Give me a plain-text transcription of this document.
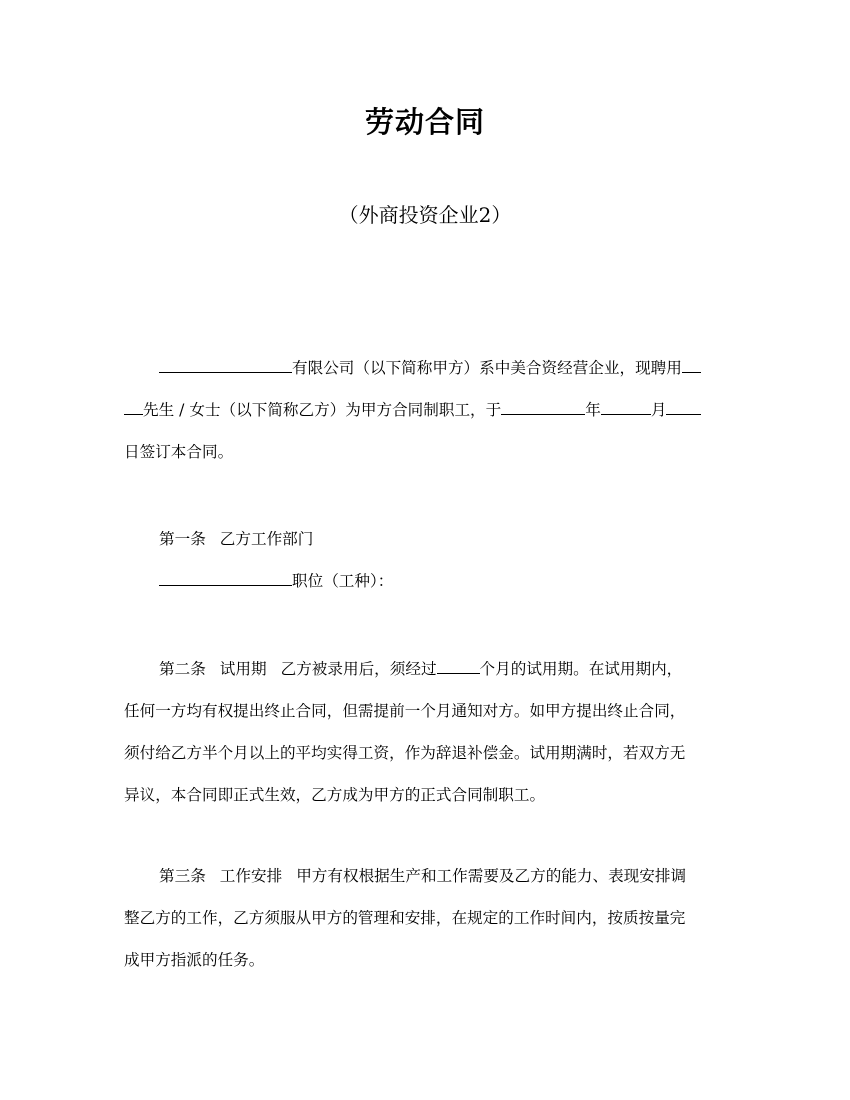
劳动合同
（外商投资企业2）
有限公司（以下简称甲方）系中美合资经营企业，现聘用
先生 / 女士（以下简称乙方）为甲方合同制职工，于	年	月
日签订本合同。
第一条 乙方工作部门
职位（工种）：
第二条 试用期 乙方被录用后，须经过	个月的试用期。在试用期内，
任何一方均有权提出终止合同，但需提前一个月通知对方。如甲方提出终止合同，
须付给乙方半个月以上的平均实得工资，作为辞退补偿金。试用期满时，若双方无
异议，本合同即正式生效，乙方成为甲方的正式合同制职工。
第三条 工作安排 甲方有权根据生产和工作需要及乙方的能力、表现安排调
整乙方的工作，乙方须服从甲方的管理和安排，在规定的工作时间内，按质按量完
成甲方指派的任务。
